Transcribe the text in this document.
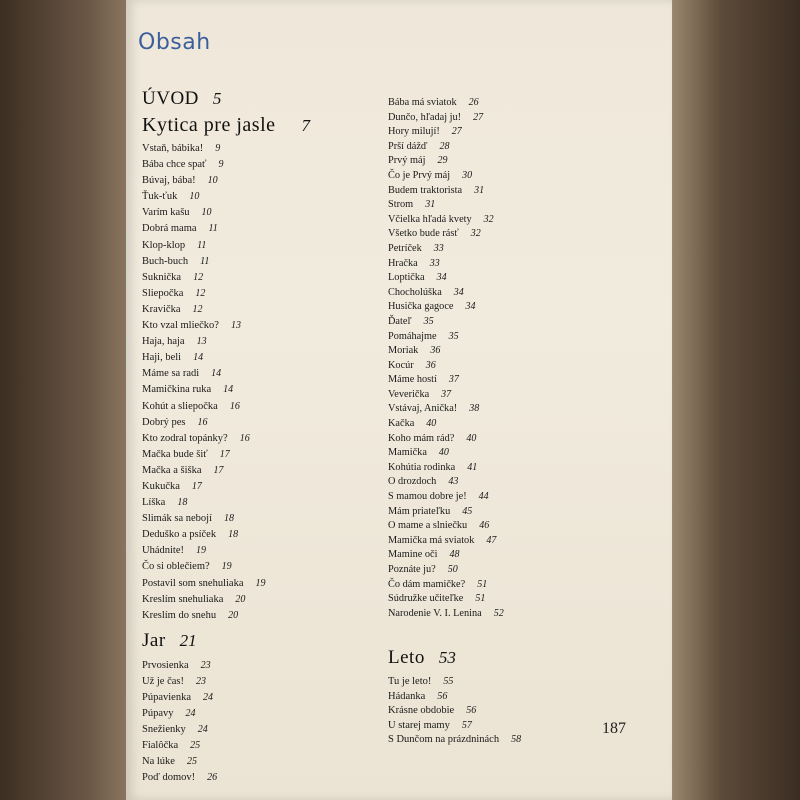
Obsah
ÚVOD 5
Kytica pre jasle 7
Vstaň, bábika! 9
Bába chce spať 9
Búvaj, bába! 10
Ťuk-ťuk 10
Varím kašu 10
Dobrá mama 11
Klop-klop 11
Buch-buch 11
Suknička 12
Sliepočka 12
Kravička 12
Kto vzal mliečko? 13
Haja, haja 13
Haji, beli 14
Máme sa radi 14
Mamičkina ruka 14
Kohút a sliepočka 16
Dobrý pes 16
Kto zodral topánky? 16
Mačka bude šiť 17
Mačka a šiška 17
Kukučka 17
Líška 18
Slimák sa nebojí 18
Deduško a psíček 18
Uhádnite! 19
Čo si oblečiem? 19
Postavil som snehuliaka 19
Kreslím snehuliaka 20
Kreslím do snehu 20
Jar 21
Prvosienka 23
Už je čas! 23
Púpavienka 24
Púpavy 24
Snežienky 24
Fialôčka 25
Na lúke 25
Poď domov! 26
Bába má sviatok 26
Dunčo, hľadaj ju! 27
Hory milují! 27
Prší dážď 28
Prvý máj 29
Čo je Prvý máj 30
Budem traktorista 31
Strom 31
Včielka hľadá kvety 32
Všetko bude rásť 32
Petríček 33
Hračka 33
Loptička 34
Chocholúška 34
Husička gagoce 34
Ďateľ 35
Pomáhajme 35
Moriak 36
Kocúr 36
Máme hostí 37
Veverička 37
Vstávaj, Anička! 38
Kačka 40
Koho mám rád? 40
Mamička 40
Kohútia rodinka 41
O drozdoch 43
S mamou dobre je! 44
Mám priateľku 45
O mame a slniečku 46
Mamička má sviatok 47
Mamine oči 48
Poznáte ju? 50
Čo dám mamičke? 51
Súdružke učiteľke 51
Narodenie V. I. Lenina 52
Leto 53
Tu je leto! 55
Hádanka 56
Krásne obdobie 56
U starej mamy 57
S Dunčom na prázdninách 58
187
